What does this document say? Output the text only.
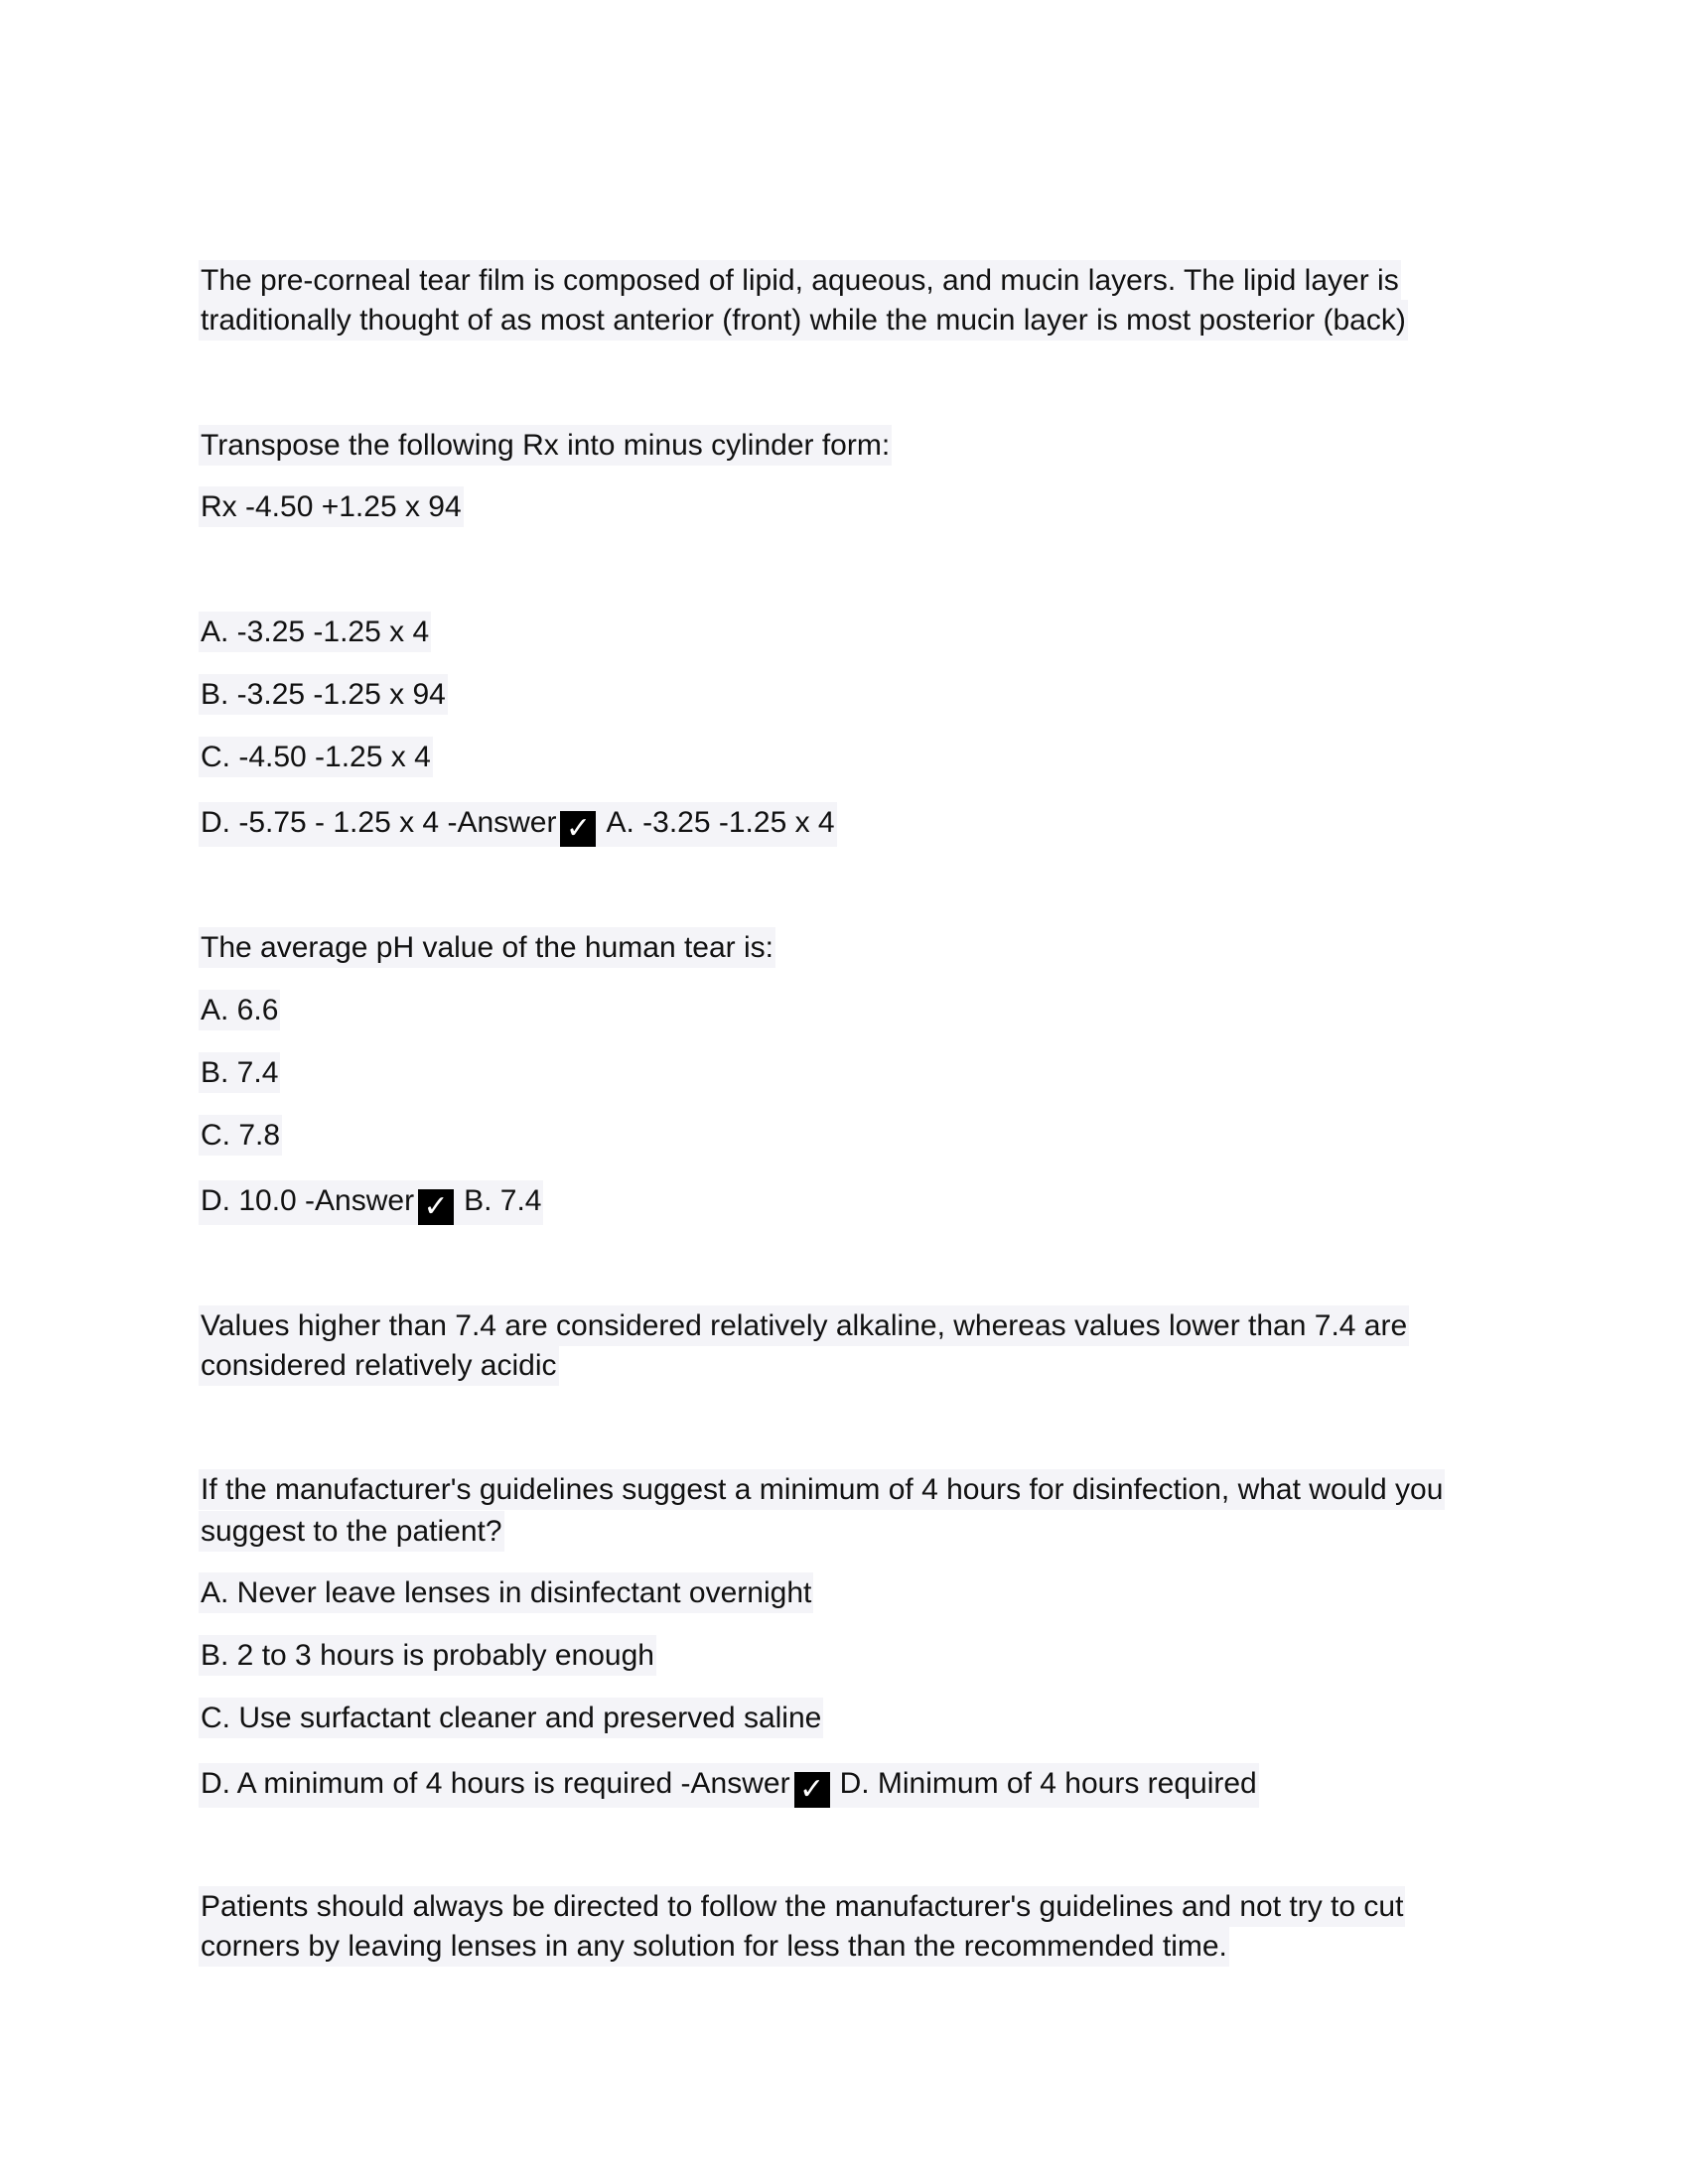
The pre-corneal tear film is composed of lipid, aqueous, and mucin layers. The lipid layer is
traditionally thought of as most anterior (front) while the mucin layer is most posterior (back)
Transpose the following Rx into minus cylinder form:
Rx -4.50 +1.25 x 94
A. -3.25 -1.25 x 4
B. -3.25 -1.25 x 94
C. -4.50 -1.25 x 4
D. -5.75 - 1.25 x 4 -Answer ✓ A. -3.25 -1.25 x 4
The average pH value of the human tear is:
A. 6.6
B. 7.4
C. 7.8
D. 10.0 -Answer ✓ B. 7.4
Values higher than 7.4 are considered relatively alkaline, whereas values lower than 7.4 are
considered relatively acidic
If the manufacturer's guidelines suggest a minimum of 4 hours for disinfection, what would you
suggest to the patient?
A. Never leave lenses in disinfectant overnight
B. 2 to 3 hours is probably enough
C. Use surfactant cleaner and preserved saline
D. A minimum of 4 hours is required -Answer ✓ D. Minimum of 4 hours required
Patients should always be directed to follow the manufacturer's guidelines and not try to cut
corners by leaving lenses in any solution for less than the recommended time.
